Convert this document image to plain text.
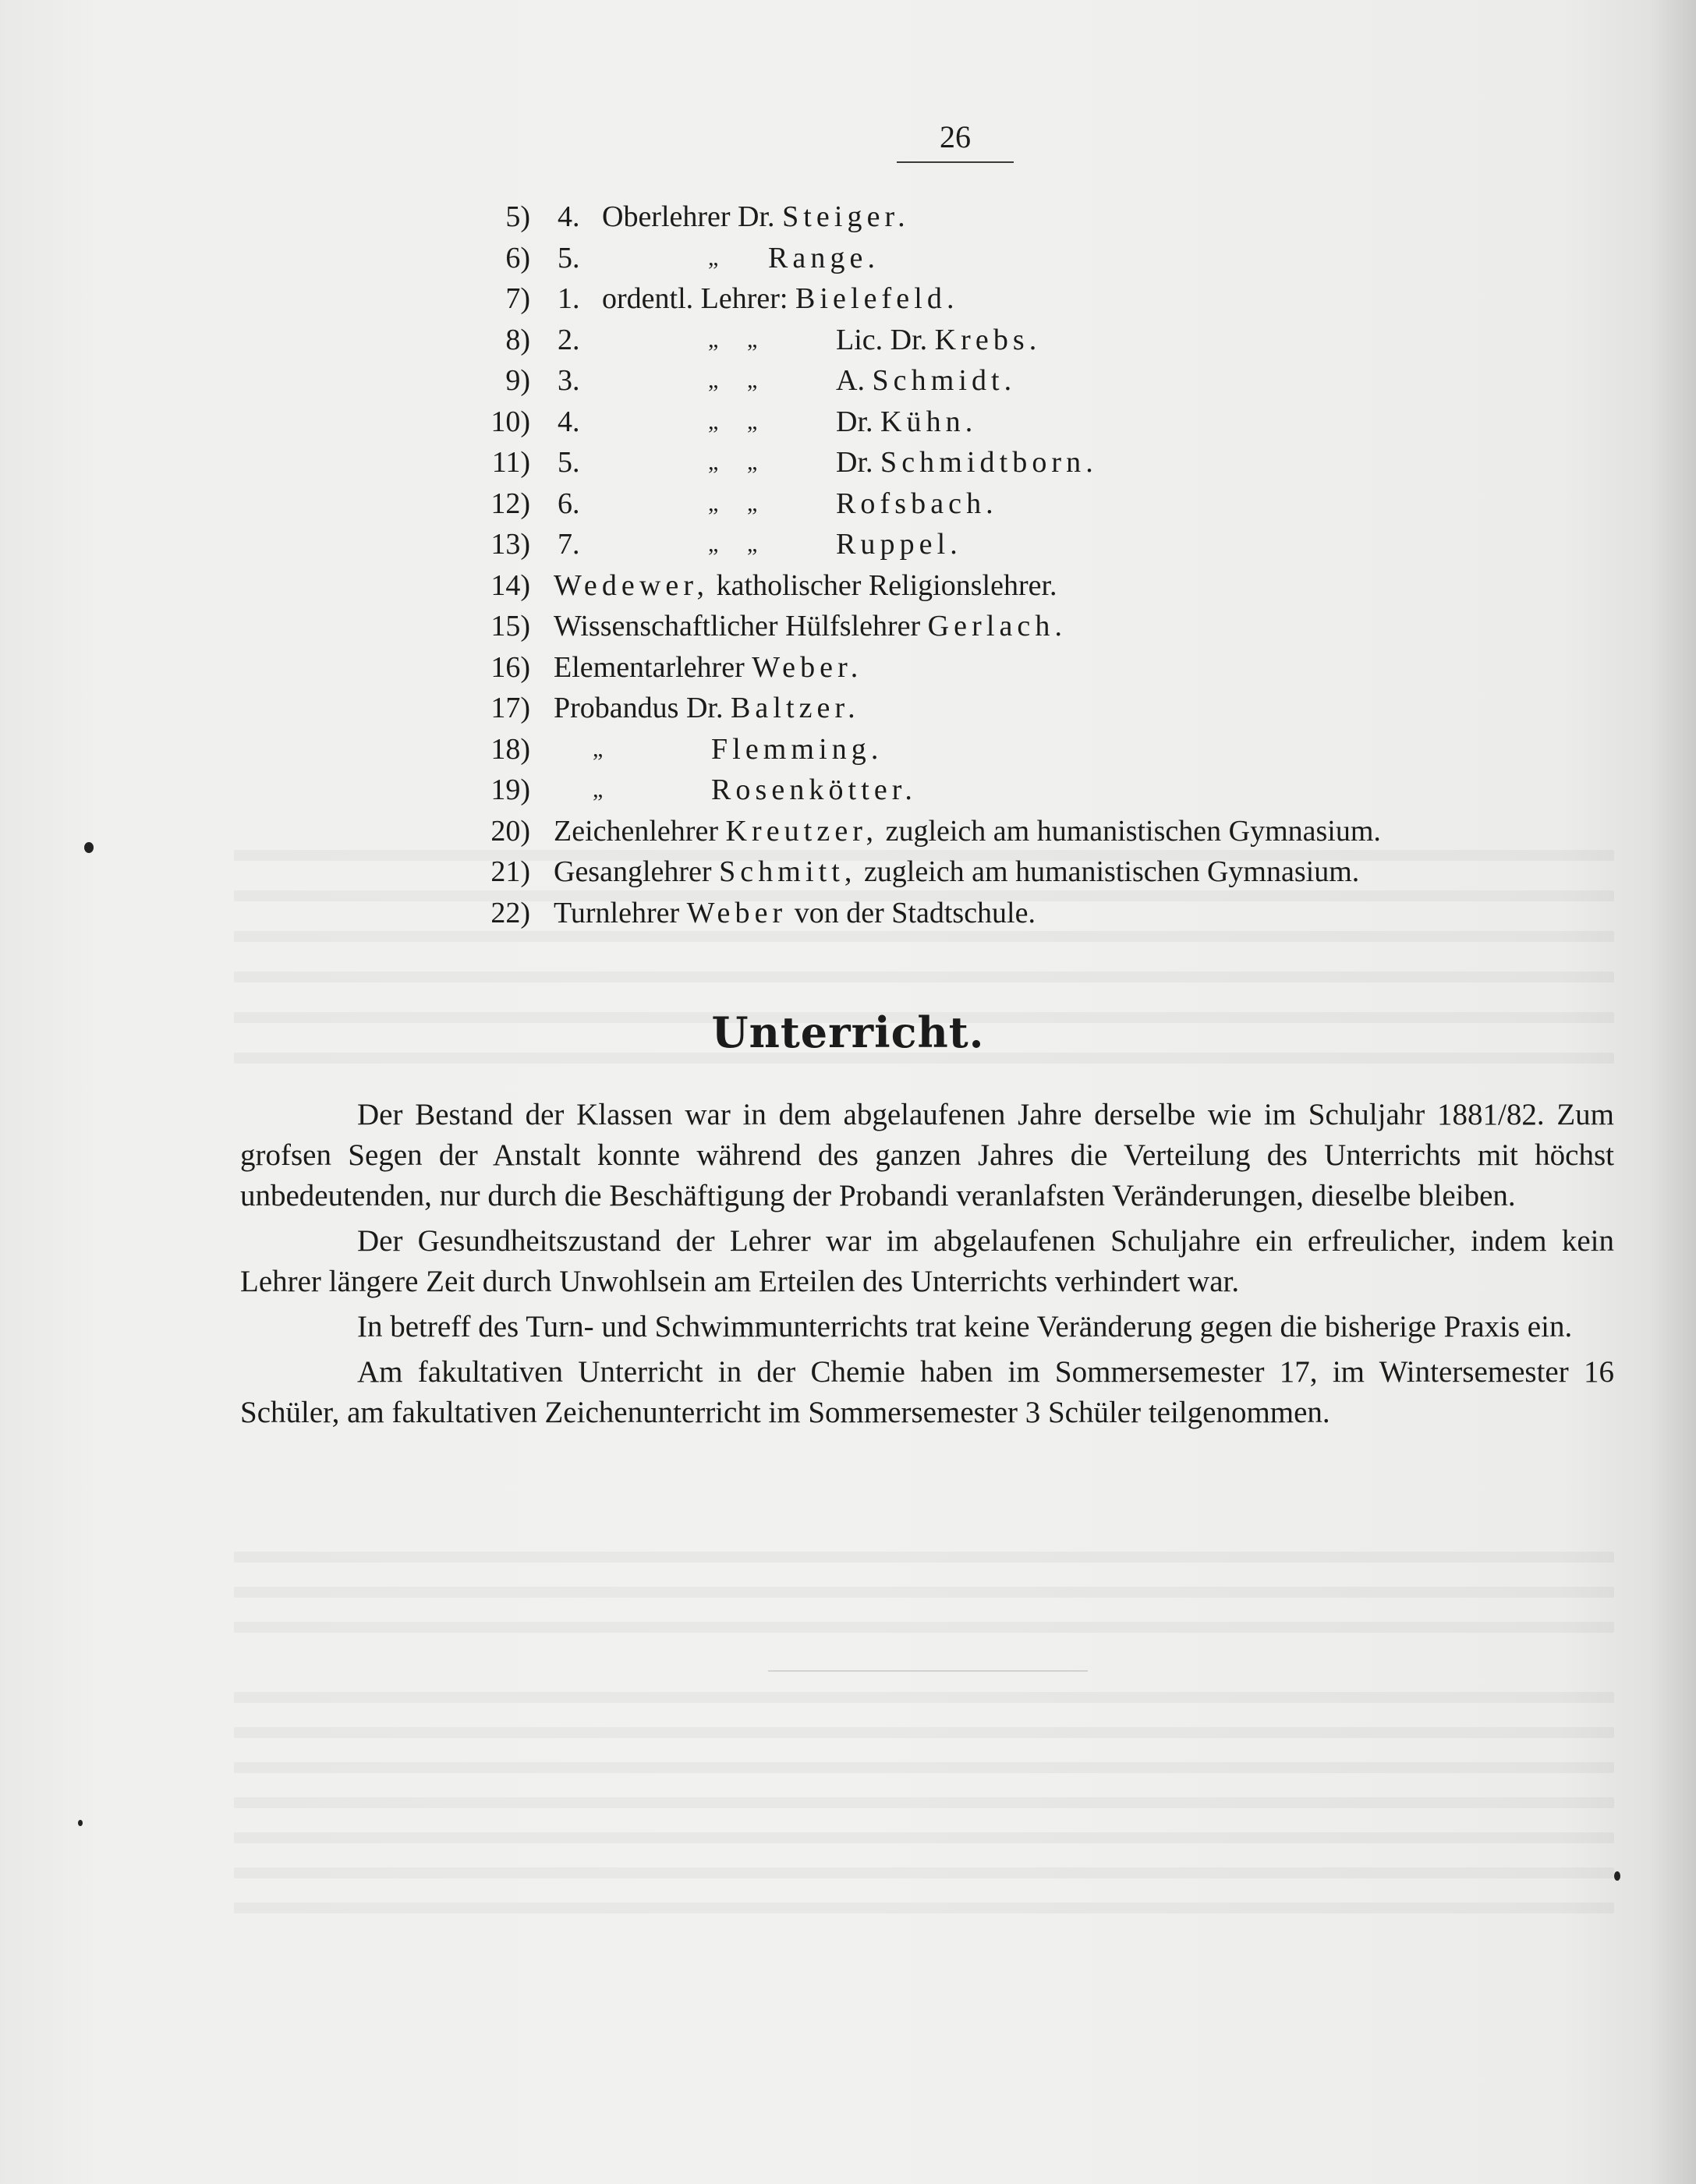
26
5) 4. Oberlehrer Dr. Steiger.
6) 5.	„ Range.
7) 1. ordentl. Lehrer: Bielefeld.
8) 2.	„ „	Lic. Dr. Krebs.
9) 3.	„ „	A. Schmidt.
10) 4.	„ „	Dr. Kühn.
11) 5.	„ „	Dr. Schmidtborn.
12) 6.	„ „	Rofsbach.
13) 7.	„ „	Ruppel.
14) Wedewer, katholischer Religionslehrer.
15) Wissenschaftlicher Hülfslehrer Gerlach.
16) Elementarlehrer Weber.
17) Probandus Dr. Baltzer.
18)	„	Flemming.
19)	„	Rosenkötter.
20) Zeichenlehrer Kreutzer, zugleich am humanistischen Gymnasium.
21) Gesanglehrer Schmitt, zugleich am humanistischen Gymnasium.
22) Turnlehrer Weber von der Stadtschule.
Unterricht.

Der Bestand der Klassen war in dem abgelaufenen Jahre derselbe wie im Schuljahr 1881/82. Zum grofsen Segen der Anstalt konnte während des ganzen Jahres die Verteilung des Unterrichts mit höchst unbedeutenden, nur durch die Beschäftigung der Probandi veranlafsten Veränderungen, dieselbe bleiben.

Der Gesundheitszustand der Lehrer war im abgelaufenen Schuljahre ein erfreulicher, indem kein Lehrer längere Zeit durch Unwohlsein am Erteilen des Unterrichts verhindert war.

In betreff des Turn- und Schwimmunterrichts trat keine Veränderung gegen die bisherige Praxis ein.

Am fakultativen Unterricht in der Chemie haben im Sommersemester 17, im Wintersemester 16 Schüler, am fakultativen Zeichenunterricht im Sommersemester 3 Schüler teilgenommen.
